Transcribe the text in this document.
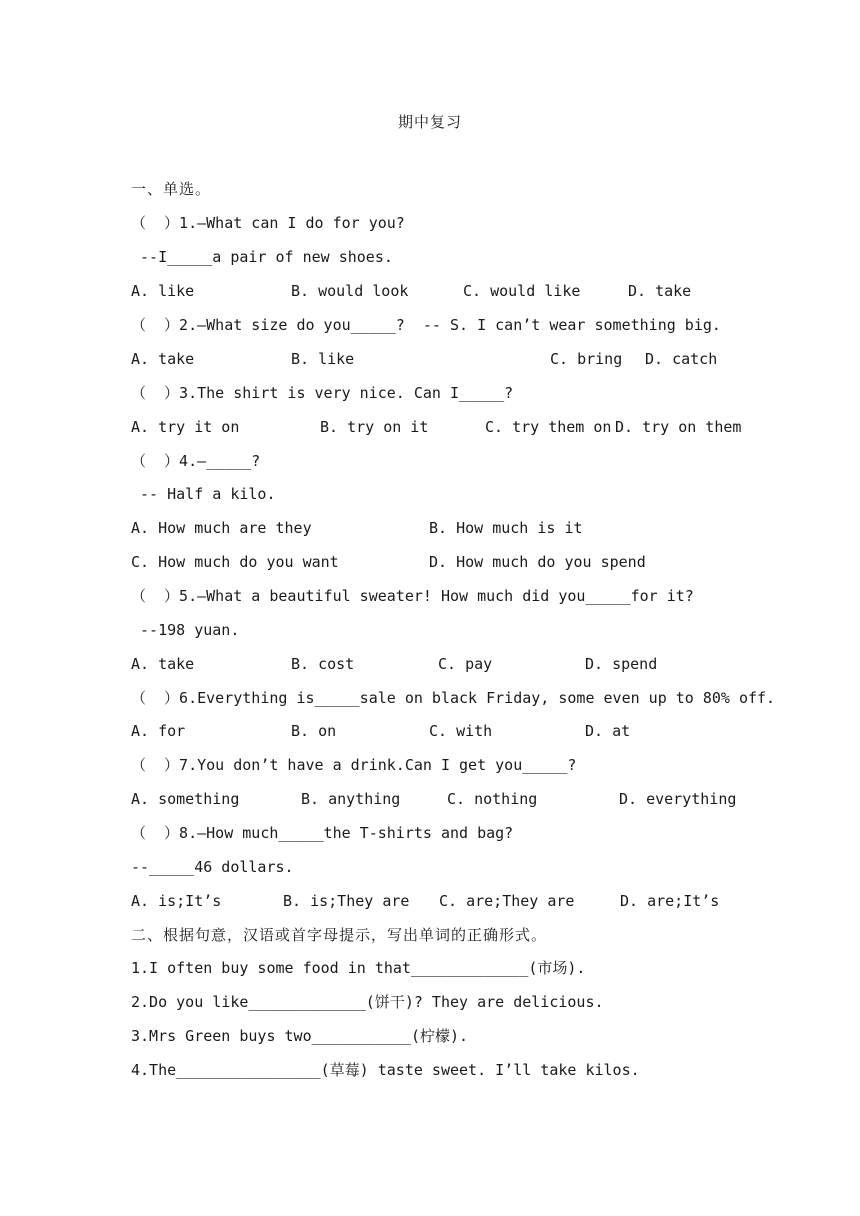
期中复习
一、单选。
（  ）1.—What can I do for you?
--I_____a pair of new shoes.
A. like	B. would look	C. would like	D. take
（  ）2.—What size do you_____?  -- S. I can’t wear something big.
A. take	B. like	C. bring D. catch
（  ）3.The shirt is very nice. Can I_____?
A. try it on	B. try on it	C. try them on D. try on them
（  ）4.—_____?
-- Half a kilo.
A. How much are they	B. How much is it
C. How much do you want	D. How much do you spend
（  ）5.—What a beautiful sweater! How much did you_____for it?
--198 yuan.
A. take	B. cost	C. pay	D. spend
（  ）6.Everything is_____sale on black Friday, some even up to 80% off.
A. for	B. on	C. with	D. at
（  ）7.You don’t have a drink.Can I get you_____?
A. something	B. anything	C. nothing	D. everything
（  ）8.—How much_____the T-shirts and bag?
--_____46 dollars.
A. is;It’s	B. is;They are C. are;They are	D. are;It’s
二、根据句意，汉语或首字母提示，写出单词的正确形式。
1.I often buy some food in that_____________(市场).
2.Do you like_____________(饼干)? They are delicious.
3.Mrs Green buys two___________(柠檬).
4.The________________(草莓) taste sweet. I’ll take kilos.
